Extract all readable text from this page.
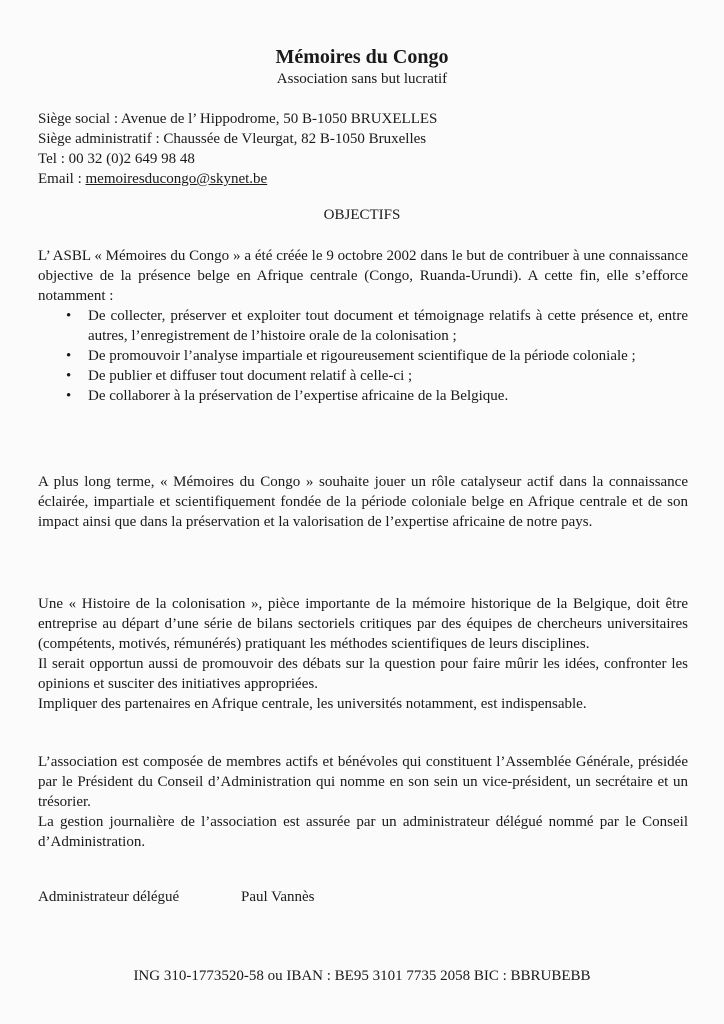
Mémoires du Congo
Association sans but lucratif
Siège social : Avenue de l’ Hippodrome, 50 B-1050 BRUXELLES
Siège administratif : Chaussée de Vleurgat, 82 B-1050 Bruxelles
Tel : 00 32 (0)2 649 98 48
Email : memoiresducongo@skynet.be
OBJECTIFS
L’ ASBL « Mémoires du Congo » a été créée le 9 octobre 2002 dans le but de contribuer à une connaissance objective de la présence belge en Afrique centrale (Congo, Ruanda-Urundi). A cette fin, elle s’efforce notamment :
• De collecter, préserver et exploiter tout document et témoignage relatifs à cette présence et, entre autres, l’enregistrement de l’histoire orale de la colonisation ;
• De promouvoir l’analyse impartiale et rigoureusement scientifique de la période coloniale ;
• De publier et diffuser tout document relatif à celle-ci ;
• De collaborer à la préservation de l’expertise africaine de la Belgique.
A plus long terme, « Mémoires du Congo » souhaite jouer un rôle catalyseur actif dans la connaissance éclairée, impartiale et scientifiquement fondée de la période coloniale belge en Afrique centrale et de son impact ainsi que dans la préservation et la valorisation de l’expertise africaine de notre pays.
Une « Histoire de la colonisation », pièce importante de la mémoire historique de la Belgique, doit être entreprise au départ d’une série de bilans sectoriels critiques par des équipes de chercheurs universitaires (compétents, motivés, rémunérés) pratiquant les méthodes scientifiques de leurs disciplines.
Il serait opportun aussi de promouvoir des débats sur la question pour faire mûrir les idées, confronter les opinions et susciter des initiatives appropriées.
Impliquer des partenaires en Afrique centrale, les universités notamment, est indispensable.
L’association est composée de membres actifs et bénévoles qui constituent l’Assemblée Générale, présidée par le Président du Conseil d’Administration qui nomme en son sein un vice-président, un secrétaire et un trésorier.
La gestion journalière de l’association est assurée par un administrateur délégué nommé par le Conseil d’Administration.
Administrateur délégué	Paul Vannès
ING 310-1773520-58 ou IBAN : BE95 3101 7735 2058 BIC : BBRUBEBB
